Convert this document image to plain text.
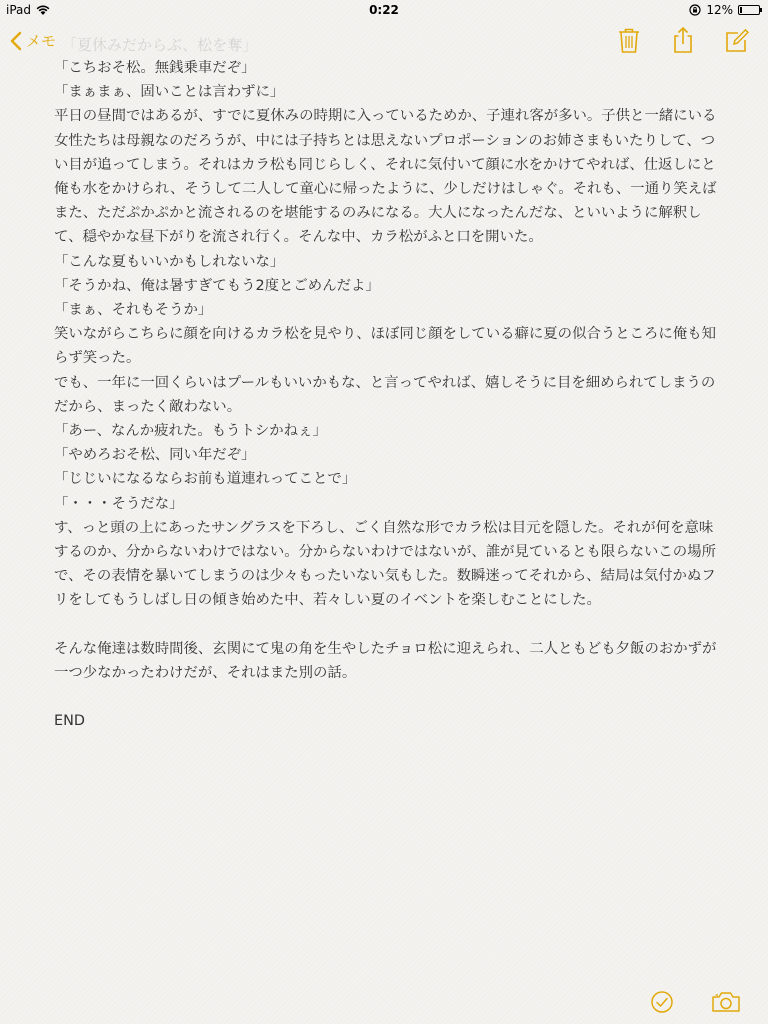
iPad	0:22	12%
「夏休みだからぶ、松を奪」
メモ

「こちおそ松。無銭乗車だぞ」

「まぁまぁ、固いことは言わずに」

平日の昼間ではあるが、すでに夏休みの時期に入っているためか、子連れ客が多い。子供と一緒にいる女性たちは母親なのだろうが、中には子持ちとは思えないプロポーションのお姉さまもいたりして、つい目が追ってしまう。それはカラ松も同じらしく、それに気付いて顔に水をかけてやれば、仕返しにと俺も水をかけられ、そうして二人して童心に帰ったように、少しだけはしゃぐ。それも、一通り笑えばまた、ただぷかぷかと流されるのを堪能するのみになる。大人になったんだな、といいように解釈して、穏やかな昼下がりを流され行く。そんな中、カラ松がふと口を開いた。

「こんな夏もいいかもしれないな」

「そうかね、俺は暑すぎてもう2度とごめんだよ」

「まぁ、それもそうか」

笑いながらこちらに顔を向けるカラ松を見やり、ほぼ同じ顔をしている癖に夏の似合うところに俺も知らず笑った。

でも、一年に一回くらいはプールもいいかもな、と言ってやれば、嬉しそうに目を細められてしまうのだから、まったく敵わない。

「あー、なんか疲れた。もうトシかねぇ」

「やめろおそ松、同い年だぞ」

「じじいになるならお前も道連れってことで」

「・・・そうだな」

す、っと頭の上にあったサングラスを下ろし、ごく自然な形でカラ松は目元を隠した。それが何を意味するのか、分からないわけではない。分からないわけではないが、誰が見ているとも限らないこの場所で、その表情を暴いてしまうのは少々もったいない気もした。数瞬迷ってそれから、結局は気付かぬフリをしてもうしばし日の傾き始めた中、若々しい夏のイベントを楽しむことにした。

そんな俺達は数時間後、玄関にて鬼の角を生やしたチョロ松に迎えられ、二人ともども夕飯のおかずが一つ少なかったわけだが、それはまた別の話。

END
